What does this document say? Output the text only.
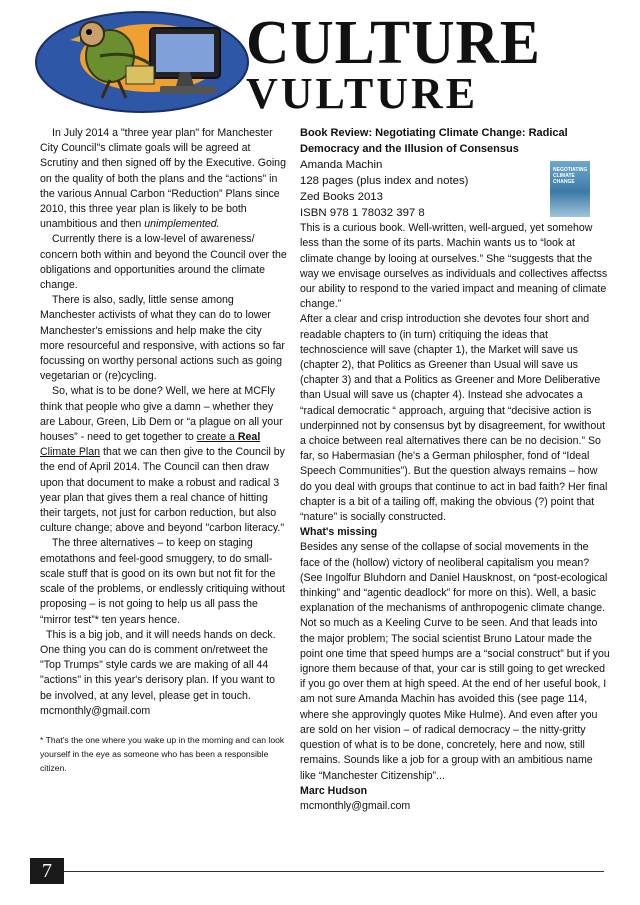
CULTURE
VULTURE

In July 2014 a "three year plan" for Manchester City Council"s climate goals will be agreed at Scrutiny and then signed off by the Executive. Going on the quality of both the plans and the “actions” in the various Annual Carbon “Reduction” Plans since 2010, this three year plan is likely to be both unambitious and then unimplemented.

Currently there is a low-level of awareness/ concern both within and beyond the Council over the obligations and opportunities around the climate change.

There is also, sadly, little sense among Manchester activists of what they can do to lower Manchester's emissions and help make the city more resourceful and responsive, with actions so far focussing on worthy personal actions such as going vegetarian or (re)cycling.

So, what is to be done? Well, we here at MCFly think that people who give a damn – whether they are Labour, Green, Lib Dem or “a plague on all your houses” - need to get together to create a Real Climate Plan that we can then give to the Council by the end of April 2014. The Council can then draw upon that document to make a robust and radical 3 year plan that gives them a real chance of hitting their targets, not just for carbon reduction, but also culture change; above and beyond "carbon literacy."

The three alternatives – to keep on staging emotathons and feel-good smuggery, to do small-scale stuff that is good on its own but not fit for the scale of the problems, or endlessly critiquing without proposing – is not going to help us all pass the “mirror test”* ten years hence.

This is a big job, and it will needs hands on deck. One thing you can do is comment on/retweet the "Top Trumps" style cards we are making of all 44 "actions" in this year's derisory plan. If you want to be involved, at any level, please get in touch. mcmonthly@gmail.com

* That's the one where you wake up in the morning and can look yourself in the eye as someone who has been a responsible citizen.

Book Review: Negotiating Climate Change: Radical Democracy and the Illusion of Consensus
NEGOTIATING CLIMATE CHANGE
Amanda Machin
128 pages (plus index and notes)
Zed Books 2013
ISBN 978 1 78032 397 8

This is a curious book. Well-written, well-argued, yet somehow less than the some of its parts. Machin wants us to “look at climate change by looing at ourselves.” She “suggests that the way we envisage ourselves as individuals and collectives affectss our ability to respond to the varied impact and meaning of climate change.”

After a clear and crisp introduction she devotes four short and readable chapters to (in turn) critiquing the ideas that technoscience will save (chapter 1), the Market will save us (chapter 2), that Politics as Greener than Usual will save us (chapter 3) and that a Politics as Greener and More Deliberative than Usual will save us (chapter 4). Instead she advocates a “radical democratic “ approach, arguing that “decisive action is underpinned not by consensus byt by disagreement, for wwithout a choice between real alternatives there can be no decision.” So far, so Habermasian (he's a German philospher, fond of “Ideal Speech Communities”). But the question always remains – how do you deal with groups that continue to act in bad faith? Her final chapter is a bit of a tailing off, making the obvious (?) point that “nature” is socially constructed.

What's missing

Besides any sense of the collapse of social movements in the face of the (hollow) victory of neoliberal capitalism you mean? (See Ingolfur Bluhdorn and Daniel Hausknost, on “post-ecological thinking” and “agentic deadlock” for more on this). Well, a basic explanation of the mechanisms of anthropogenic climate change. Not so much as a Keeling Curve to be seen. And that leads into the major problem; The social scientist Bruno Latour made the point one time that speed humps are a “social construct” but if you ignore them because of that, your car is still going to get wrecked if you go over them at high speed. At the end of her useful book, I am not sure Amanda Machin has avoided this (see page 114, where she approvingly quotes Mike Hulme). And even after you are sold on her vision – of radical democracy – the nitty-gritty question of what is to be done, concretely, here and now, still remains. Sounds like a job for a group with an ambitious name like “Manchester Citizenship”...

Marc Hudson

mcmonthly@gmail.com

7
